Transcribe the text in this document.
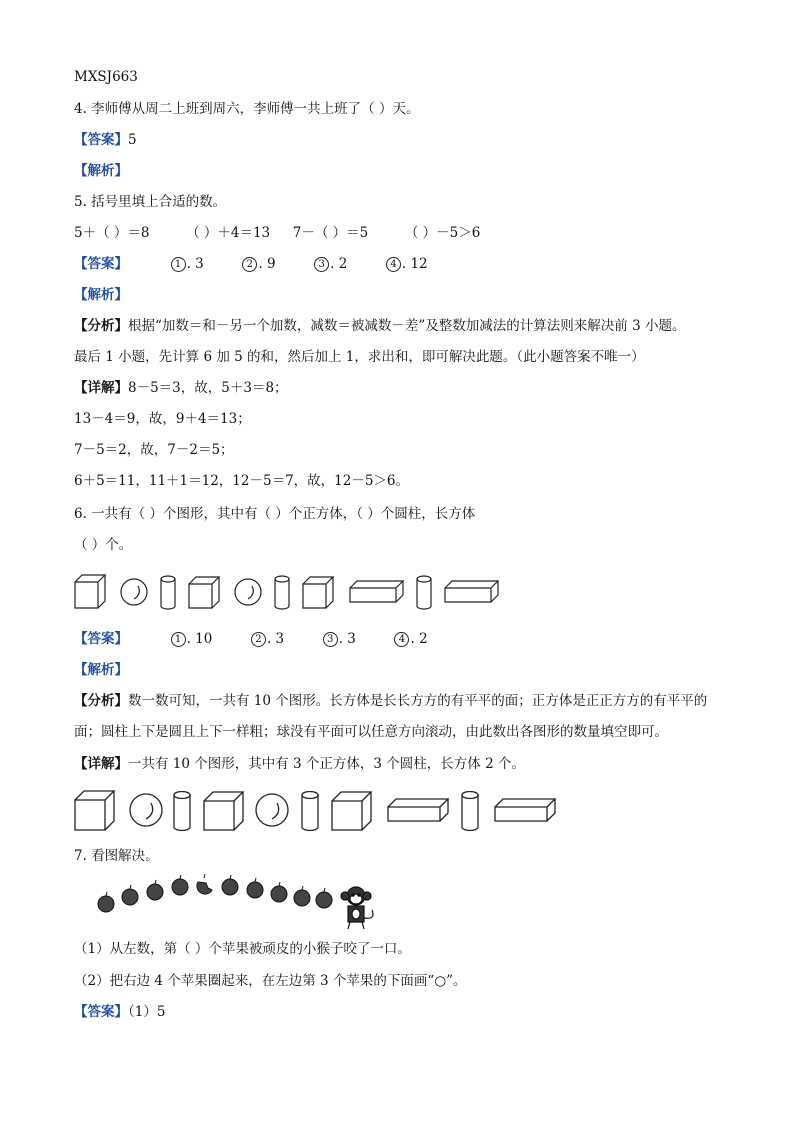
MXSJ663
4. 李师傅从周二上班到周六，李师傅一共上班了（ ）天。
【答案】5
【解析】
5. 括号里填上合适的数。
5＋（ ）＝8	（ ）＋4＝13 7－（ ）＝5	（ ）－5＞6
【答案】	1 . 3	2 . 9	3 . 2	4 . 12
【解析】
【分析】根据“加数＝和－另一个加数，减数＝被减数－差”及整数加减法的计算法则来解决前 3 小题。
最后 1 小题，先计算 6 加 5 的和，然后加上 1，求出和，即可解决此题。（此小题答案不唯一）
【详解】8－5＝3，故，5＋3＝8；
13－4＝9，故，9＋4＝13；
7－5＝2，故，7－2＝5；
6＋5＝11，11＋1＝12，12－5＝7，故，12－5＞6。
6. 一共有（ ）个图形，其中有（ ）个正方体，（ ）个圆柱，长方体
（ ）个。
【答案】	1 . 10	2 . 3	3 . 3	4 . 2
【解析】
【分析】数一数可知，一共有 10 个图形。长方体是长长方方的有平平的面；正方体是正正方方的有平平的
面；圆柱上下是圆且上下一样粗；球没有平面可以任意方向滚动，由此数出各图形的数量填空即可。
【详解】一共有 10 个图形，其中有 3 个正方体，3 个圆柱，长方体 2 个。
7. 看图解决。
（1）从左数，第（ ）个苹果被顽皮的小猴子咬了一口。
（2）把右边 4 个苹果圈起来，在左边第 3 个苹果的下面画“○”。
【答案】（1）5
